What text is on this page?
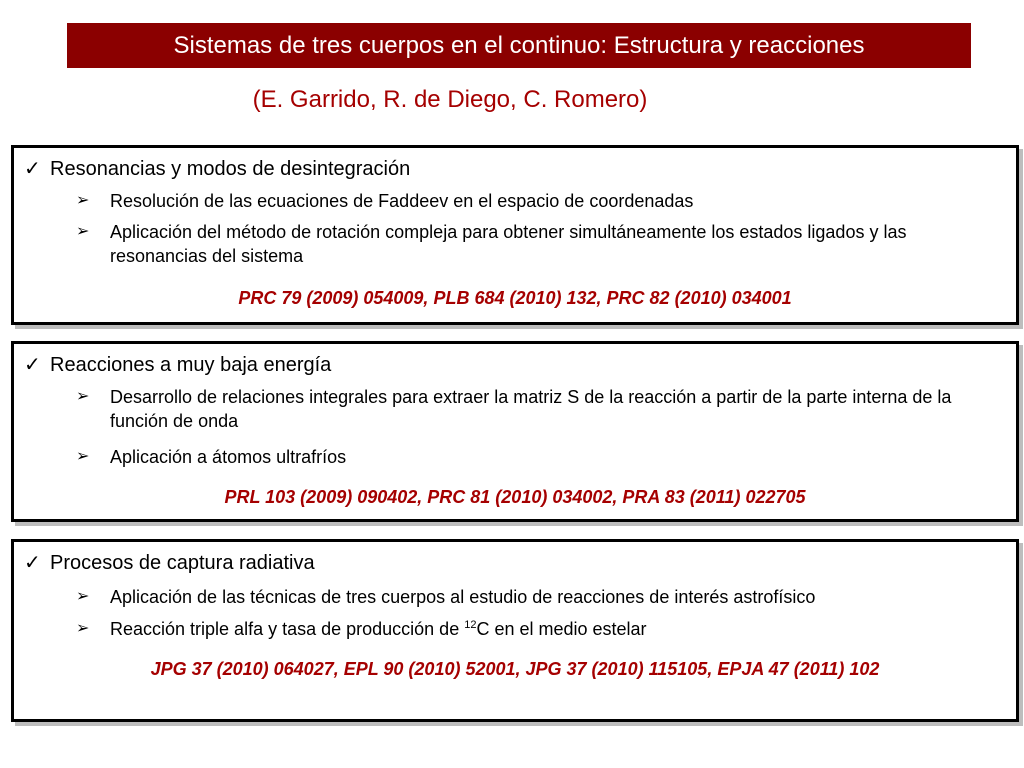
Sistemas de tres cuerpos en el continuo: Estructura y reacciones
(E. Garrido, R. de Diego, C. Romero)
✓ Resonancias y modos de desintegración
➢ Resolución de las ecuaciones de Faddeev en el espacio de coordenadas
➢ Aplicación del método de rotación compleja para obtener simultáneamente los estados ligados y las resonancias del sistema
PRC 79 (2009) 054009, PLB 684 (2010) 132, PRC 82 (2010) 034001
✓ Reacciones a muy baja energía
➢ Desarrollo de relaciones integrales para extraer la matriz S de la reacción a partir de la parte interna de la función de onda
➢ Aplicación a átomos ultrafríos
PRL 103 (2009) 090402, PRC 81 (2010) 034002, PRA 83 (2011) 022705
✓ Procesos de captura radiativa
➢ Aplicación de las técnicas de tres cuerpos al estudio de reacciones de interés astrofísico
➢ Reacción triple alfa y tasa de producción de $^{12}$C en el medio estelar
JPG 37 (2010) 064027, EPL 90 (2010) 52001, JPG 37 (2010) 115105, EPJA 47 (2011) 102
